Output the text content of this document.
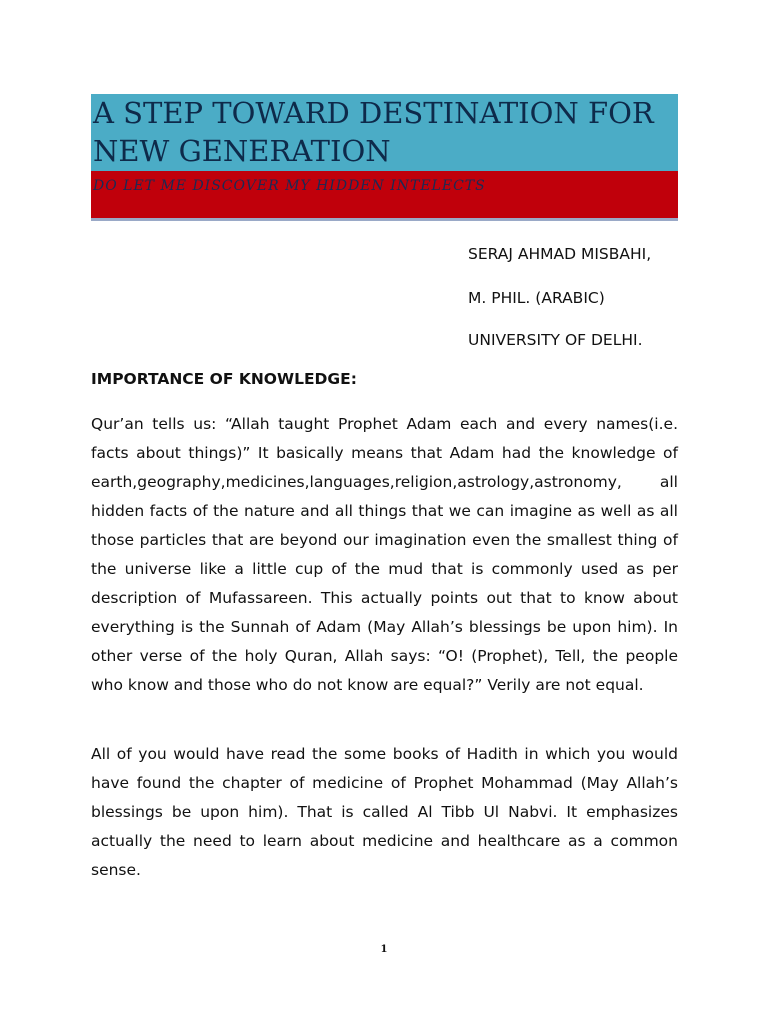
A STEP TOWARD DESTINATION FOR NEW GENERATION

DO LET ME DISCOVER MY HIDDEN INTELECTS

SERAJ AHMAD MISBAHI,
M. PHIL. (ARABIC)
UNIVERSITY OF DELHI.
IMPORTANCE OF KNOWLEDGE:

Qur’an tells us: “Allah taught Prophet Adam each and every names(i.e. facts about things)” It basically means that Adam had the knowledge of earth,geography,medicines,languages,religion,astrology,astronomy, all hidden facts of the nature and all things that we can imagine as well as all those particles that are beyond our imagination even the smallest thing of the universe like a little cup of the mud that is commonly used as per description of Mufassareen. This actually points out that to know about everything is the Sunnah of Adam (May Allah’s blessings be upon him). In other verse of the holy Quran, Allah says: “O! (Prophet), Tell, the people who know and those who do not know are equal?” Verily are not equal.

All of you would have read the some books of Hadith in which you would have found the chapter of medicine of Prophet Mohammad (May Allah’s blessings be upon him). That is called Al Tibb Ul Nabvi. It emphasizes actually the need to learn about medicine and healthcare as a common sense.

1
